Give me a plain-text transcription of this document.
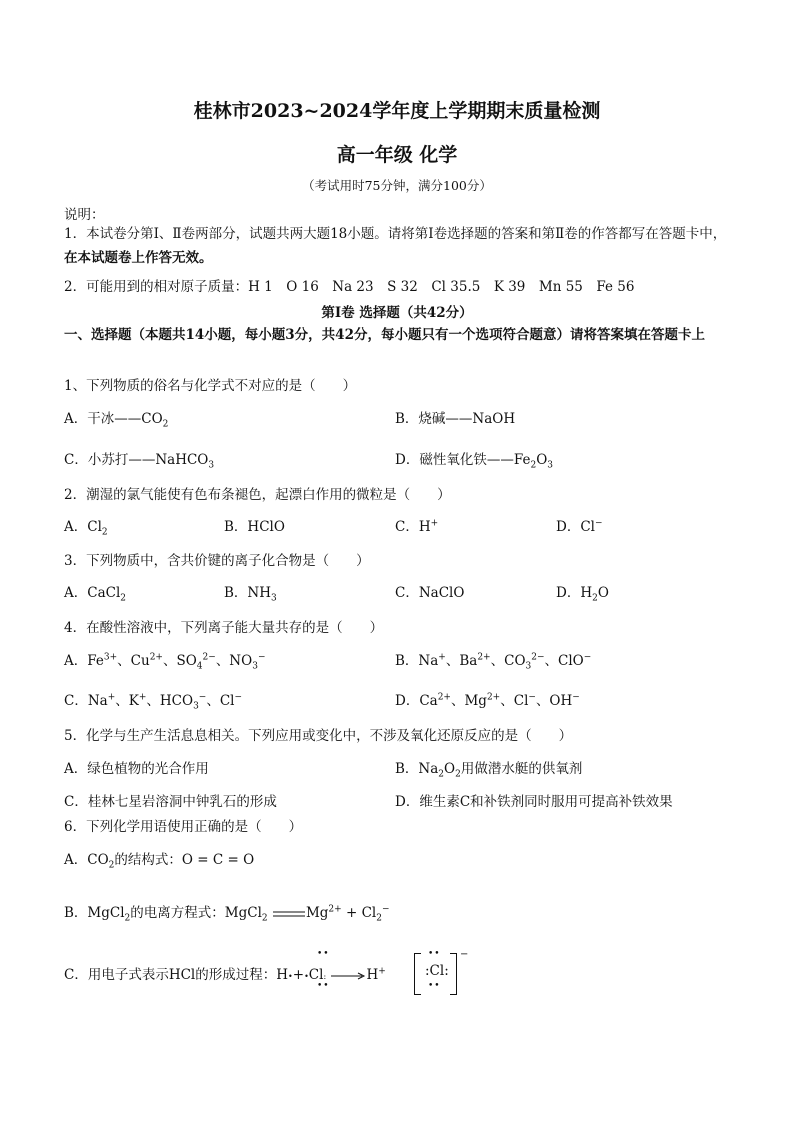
桂林市2023~2024学年度上学期期末质量检测
高一年级 化学
（考试用时75分钟，满分100分）
说明：
1．本试卷分第Ⅰ、Ⅱ卷两部分，试题共两大题18小题。请将第Ⅰ卷选择题的答案和第Ⅱ卷的作答都写在答题卡中，在本试题卷上作答无效。
2．可能用到的相对原子质量：H 1　O 16　Na 23　S 32　Cl 35.5　K 39　Mn 55　Fe 56
第Ⅰ卷 选择题（共42分）
一、选择题（本题共14小题，每小题3分，共42分，每小题只有一个选项符合题意）请将答案填在答题卡上
1、下列物质的俗名与化学式不对应的是（　　）
A．干冰$——CO_2$	B．烧碱——NaOH
C．小苏打——NaHCO$_3$	D．磁性氧化铁$——Fe_2O_3$
2．潮湿的氯气能使有色布条褪色，起漂白作用的微粒是（　　）
A．$Cl_2$	B．HClO	C．H+	D．Cl−
3．下列物质中，含共价键的离子化合物是（　　）
A．CaCl$_2$	B．$NH_3$	C．NaClO	D．$H_2O$
4．在酸性溶液中，下列离子能大量共存的是（　　）
A．$Fe^{3+}$、$Cu^{2+}$、$SO_4^{2-}$、$NO_3^-$	B．Na+、$Ba^{2+}$、$CO_3^{2-}$、ClO−
C．Na+、K+、$HCO_3^-$、Cl−	D．$Ca^{2+}$、$Mg^{2+}$、Cl−、OH−
5．化学与生产生活息息相关。下列应用或变化中，不涉及氧化还原反应的是（　　）
A．绿色植物的光合作用	B．$Na_2O_2$用做潜水艇的供氧剂
C．桂林七星岩溶洞中钟乳石的形成	D．维生素C和补铁剂同时服用可提高补铁效果
6．下列化学用语使用正确的是（　　）
A．$CO_2$的结构式：O = C = O
B．MgCl$_2$的电离方程式：MgCl$_2$	$Mg^{2+} + Cl_2^-$
C．用电子式表示HCl的形成过程：H•+•Cl: →H+
••
••
:Cl:
••
••
−
